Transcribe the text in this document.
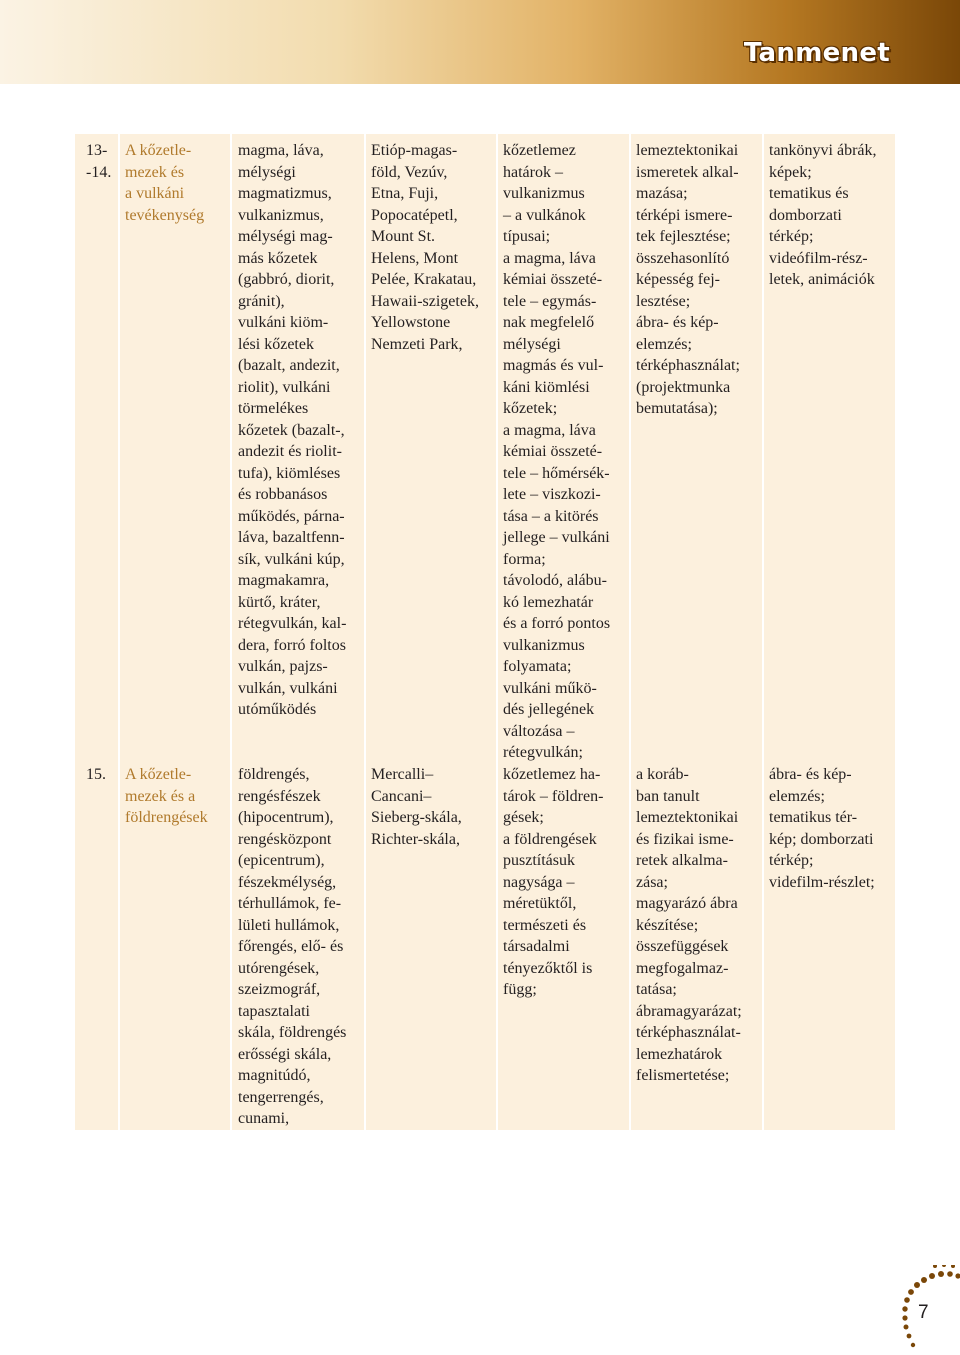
Tanmenet
13-
-14.
A kőzetle-
mezek és
a vulkáni
tevékenység
magma, láva,
mélységi
magmatizmus,
vulkanizmus,
mélységi mag-
más kőzetek
(gabbró, diorit,
gránit),
vulkáni kiöm-
lési kőzetek
(bazalt, andezit,
riolit), vulkáni
törmelékes
kőzetek (bazalt-,
andezit és riolit-
tufa), kiömléses
és robbanásos
működés, párna-
láva, bazaltfenn-
sík, vulkáni kúp,
magmakamra,
kürtő, kráter,
rétegvulkán, kal-
dera, forró foltos
vulkán, pajzs-
vulkán, vulkáni
utóműködés
Etióp-magas-
föld, Vezúv,
Etna, Fuji,
Popocatépetl,
Mount St.
Helens, Mont
Pelée, Krakatau,
Hawaii-szigetek,
Yellowstone
Nemzeti Park,
kőzetlemez
határok –
vulkanizmus
– a vulkánok
típusai;
a magma, láva
kémiai összeté-
tele – egymás-
nak megfelelő
mélységi
magmás és vul-
káni kiömlési
kőzetek;
a magma, láva
kémiai összeté-
tele – hőmérsék-
lete – viszkozi-
tása – a kitörés
jellege – vulkáni
forma;
távolodó, alábu-
kó lemezhatár
és a forró pontos
vulkanizmus
folyamata;
vulkáni műkö-
dés jellegének
változása –
rétegvulkán;
lemeztektonikai
ismeretek alkal-
mazása;
térképi ismere-
tek fejlesztése;
összehasonlító
képesség fej-
lesztése;
ábra- és kép-
elemzés;
térképhasználat;
(projektmunka
bemutatása);
tankönyvi ábrák,
képek;
tematikus és
domborzati
térkép;
videófilm-rész-
letek, animációk
15. A kőzetle-
mezek és a
földrengések
földrengés,
rengésfészek
(hipocentrum),
rengésközpont
(epicentrum),
fészekmélység,
térhullámok, fe-
lületi hullámok,
főrengés, elő- és
utórengések,
szeizmográf,
tapasztalati
skála, földrengés
erősségi skála,
magnitúdó,
tengerrengés,
cunami,
Mercalli–
Cancani–
Sieberg-skála,
Richter-skála,
kőzetlemez ha-
tárok – földren-
gések;
a földrengések
pusztításuk
nagysága –
méretüktől,
természeti és
társadalmi
tényezőktől is
függ;
a koráb-
ban tanult
lemeztektonikai
és fizikai isme-
retek alkalma-
zása;
magyarázó ábra
készítése;
összefüggések
megfogalmaz-
tatása;
ábramagyarázat;
térképhasználat-
lemezhatárok
felismertetése;
ábra- és kép-
elemzés;
tematikus tér-
kép; domborzati
térkép;
videfilm-részlet;
7
